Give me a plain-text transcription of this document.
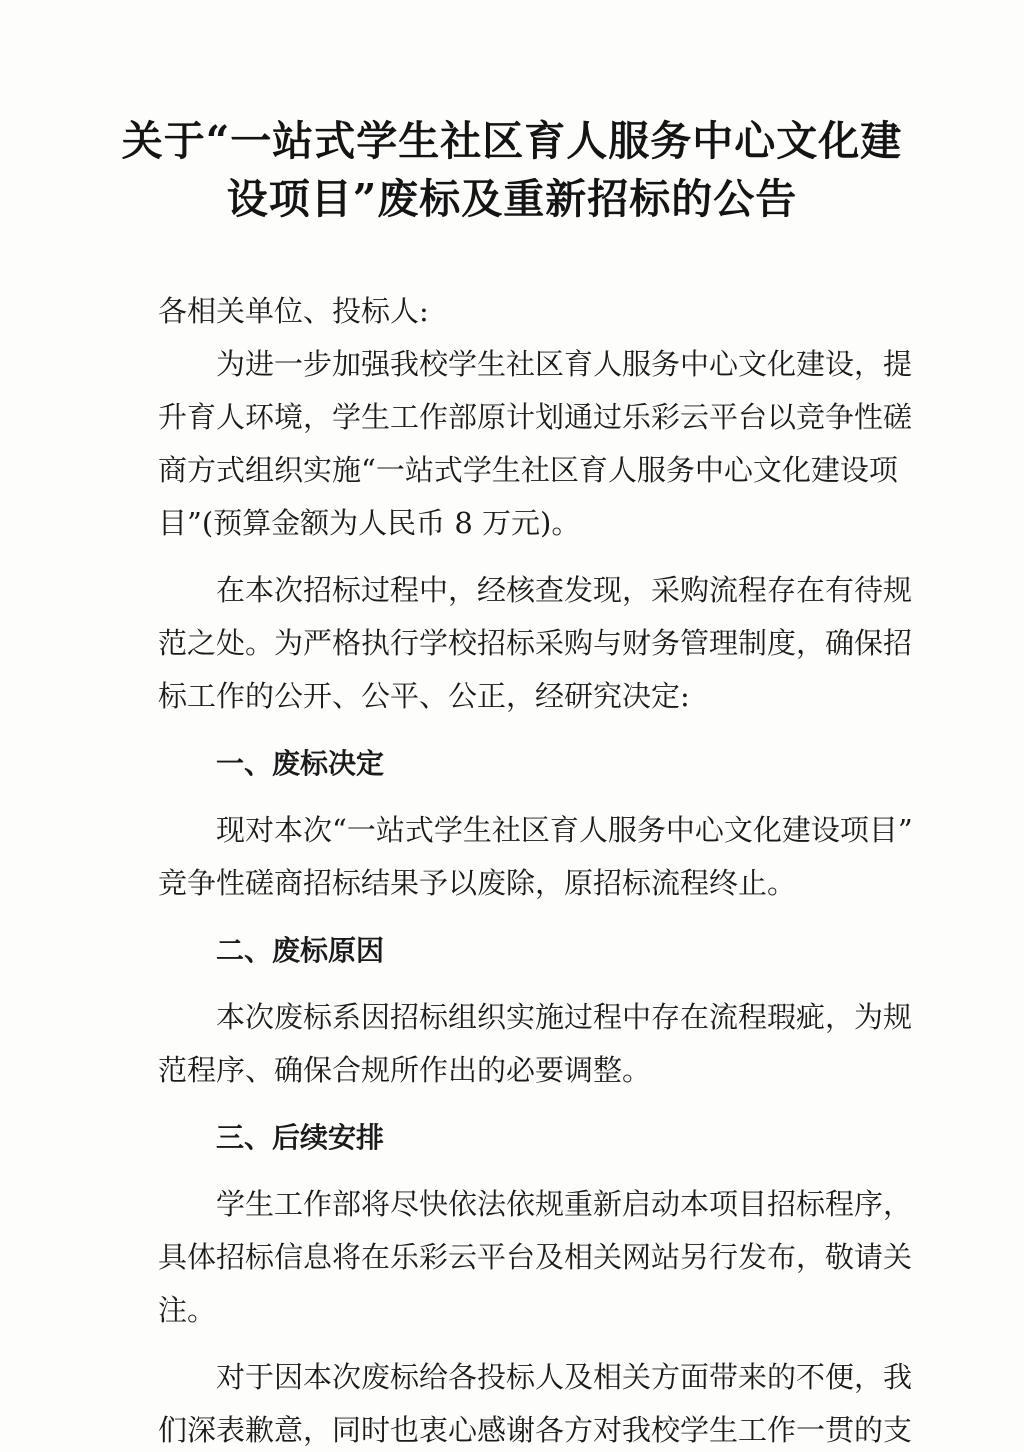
关于“一站式学生社区育人服务中心文化建
设项目”废标及重新招标的公告
各相关单位、投标人:
为进一步加强我校学生社区育人服务中心文化建设，提
升育人环境，学生工作部原计划通过乐彩云平台以竞争性磋
商方式组织实施“一站式学生社区育人服务中心文化建设项
目”(预算金额为人民币 8 万元)。
在本次招标过程中，经核查发现，采购流程存在有待规
范之处。为严格执行学校招标采购与财务管理制度，确保招
标工作的公开、公平、公正，经研究决定:
一、废标决定
现对本次“一站式学生社区育人服务中心文化建设项目”
竞争性磋商招标结果予以废除，原招标流程终止。
二、废标原因
本次废标系因招标组织实施过程中存在流程瑕疵，为规
范程序、确保合规所作出的必要调整。
三、后续安排
学生工作部将尽快依法依规重新启动本项目招标程序，
具体招标信息将在乐彩云平台及相关网站另行发布，敬请关
注。
对于因本次废标给各投标人及相关方面带来的不便，我
们深表歉意，同时也衷心感谢各方对我校学生工作一贯的支
